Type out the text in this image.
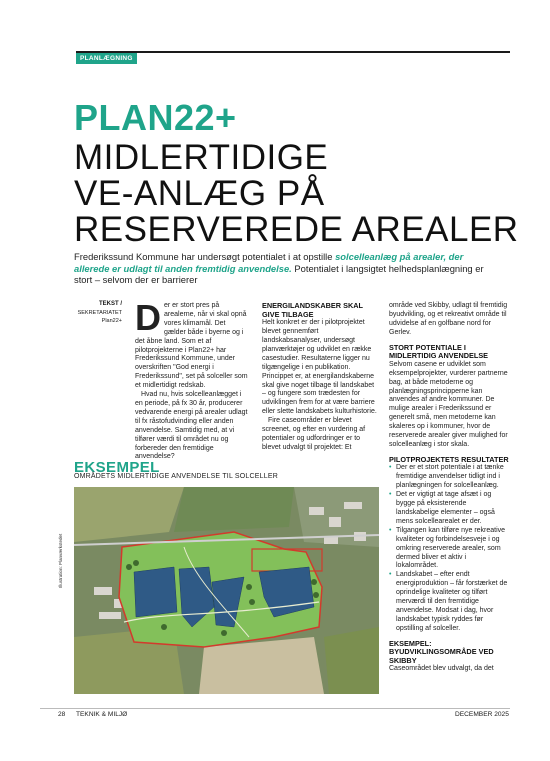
PLANLÆGNING
PLAN22+
MIDLERTIDIGE
VE-ANLÆG PÅ
RESERVEREDE AREALER
Frederikssund Kommune har undersøgt potentialet i at opstille solcelleanlæg på arealer, der allerede er udlagt til anden fremtidig anvendelse. Potentialet i langsigtet helhedsplanlægning er stort – selvom der er barrierer
TEKST /
SEKRETARIATET
Plan22+ D er er stort pres på arealerne, når vi skal opnå vores klimamål. Det gælder både i byerne og i det åbne land. Som et af pilotprojekterne i Plan22+ har Frederikssund Kommune, under overskriften "God energi i Frederikssund", set på solceller som et midlertidigt redskab.

Hvad nu, hvis solcelleanlægget i en periode, på fx 30 år, producerer vedvarende energi på arealer udlagt til fx råstofudvinding eller anden anvendelse. Samtidig med, at vi tilfører værdi til området nu og forbereder den fremtidige anvendelse?

ENERGILANDSKABER SKAL GIVE TILBAGE

Helt konkret er der i pilotprojektet blevet gennemført landskabsanalyser, undersøgt planværktøjer og udviklet en række casestudier. Resultaterne ligger nu tilgængelige i en publikation. Princippet er, at energilandskaberne skal give noget tilbage til landskabet – og fungere som trædesten for udviklingen frem for at være barriere eller slette landskabets kulturhistorie.

Fire caseområder er blevet screenet, og efter en vurdering af potentialer og udfordringer er to blevet udvalgt til projektet: Et

område ved Skibby, udlagt til fremtidig byudvikling, og et rekreativt område til udvidelse af en golfbane nord for Gerlev.

STORT POTENTIALE I MIDLERTIDIG ANVENDELSE

Selvom casene er udviklet som eksempelprojekter, vurderer partnerne bag, at både metoderne og planlægningsprincipperne kan anvendes af andre kommuner. De mulige arealer i Frederikssund er generelt små, men metoderne kan skaleres op i kommuner, hvor de reserverede arealer giver mulighed for solcelleanlæg i stor skala.

PILOTPROJEKTETS RESULTATER

• Der er et stort potentiale i at tænke fremtidige anvendelser tidligt ind i planlægningen for solcelleanlæg.
• Det er vigtigt at tage afsæt i og bygge på eksisterende landskabelige elementer – også mens solcellearealet er der.
• Tilgangen kan tilføre nye rekreative kvaliteter og forbindelsesveje i og omkring reserverede arealer, som dermed bliver et aktiv i lokalområdet.
• Landskabet – efter endt energiproduktion – får forstærket de oprindelige kvaliteter og tilført merværdi til den fremtidige anvendelse. Modsat i dag, hvor landskabet typisk ryddes før opstilling af solceller.

EKSEMPEL: BYUDVIKLINGSOMRÅDE VED SKIBBY

Caseområdet blev udvalgt, da det

EKSEMPEL
OMRÅDETS MIDLERTIDIGE ANVENDELSE TIL SOLCELLER
Illustration: Planværkstedet
28 TEKNIK & MILJØ	DECEMBER 2025
